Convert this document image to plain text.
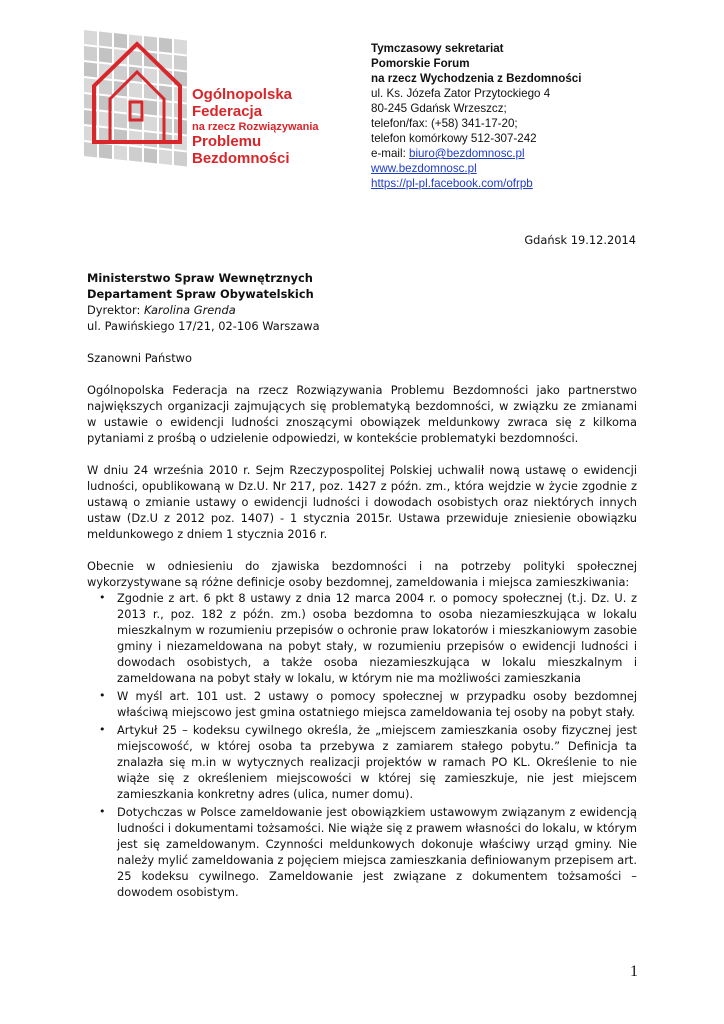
Ogólnopolska Federacja
na rzecz Rozwiązywania
Problemu Bezdomności
Tymczasowy sekretariat
Pomorskie Forum
na rzecz Wychodzenia z Bezdomności
ul. Ks. Józefa Zator Przytockiego 4
80-245 Gdańsk Wrzeszcz;
telefon/fax: (+58) 341-17-20;
telefon komórkowy 512-307-242
e-mail: biuro@bezdomnosc.pl
www.bezdomnosc.pl
https://pl-pl.facebook.com/ofrpb
Gdańsk 19.12.2014
Ministerstwo Spraw Wewnętrznych
Departament Spraw Obywatelskich
Dyrektor: Karolina Grenda
ul. Pawińskiego 17/21, 02-106 Warszawa
Szanowni Państwo
Ogólnopolska Federacja na rzecz Rozwiązywania Problemu Bezdomności jako partnerstwo największych organizacji zajmujących się problematyką bezdomności, w związku ze zmianami w ustawie o ewidencji ludności znoszącymi obowiązek meldunkowy zwraca się z kilkoma pytaniami z prośbą o udzielenie odpowiedzi, w kontekście problematyki bezdomności.
W dniu 24 września 2010 r. Sejm Rzeczypospolitej Polskiej uchwalił nową ustawę o ewidencji ludności, opublikowaną w Dz.U. Nr 217, poz. 1427 z późn. zm., która wejdzie w życie zgodnie z ustawą o zmianie ustawy o ewidencji ludności i dowodach osobistych oraz niektórych innych ustaw (Dz.U z 2012 poz. 1407) - 1 stycznia 2015r. Ustawa przewiduje zniesienie obowiązku meldunkowego z dniem 1 stycznia 2016 r.
Obecnie w odniesieniu do zjawiska bezdomności i na potrzeby polityki społecznej wykorzystywane są różne definicje osoby bezdomnej, zameldowania i miejsca zamieszkiwania:
• Zgodnie z art. 6 pkt 8 ustawy z dnia 12 marca 2004 r. o pomocy społecznej (t.j. Dz. U. z 2013 r., poz. 182 z późn. zm.) osoba bezdomna to osoba niezamieszkująca w lokalu mieszkalnym w rozumieniu przepisów o ochronie praw lokatorów i mieszkaniowym zasobie gminy i niezameldowana na pobyt stały, w rozumieniu przepisów o ewidencji ludności i dowodach osobistych, a także osoba niezamieszkująca w lokalu mieszkalnym i zameldowana na pobyt stały w lokalu, w którym nie ma możliwości zamieszkania
• W myśl art. 101 ust. 2 ustawy o pomocy społecznej w przypadku osoby bezdomnej właściwą miejscowo jest gmina ostatniego miejsca zameldowania tej osoby na pobyt stały.
• Artykuł 25 – kodeksu cywilnego określa, że „miejscem zamieszkania osoby fizycznej jest miejscowość, w której osoba ta przebywa z zamiarem stałego pobytu.” Definicja ta znalazła się m.in w wytycznych realizacji projektów w ramach PO KL. Określenie to nie wiąże się z określeniem miejscowości w której się zamieszkuje, nie jest miejscem zamieszkania konkretny adres (ulica, numer domu).
• Dotychczas w Polsce zameldowanie jest obowiązkiem ustawowym związanym z ewidencją ludności i dokumentami tożsamości. Nie wiąże się z prawem własności do lokalu, w którym jest się zameldowanym. Czynności meldunkowych dokonuje właściwy urząd gminy. Nie należy mylić zameldowania z pojęciem miejsca zamieszkania definiowanym przepisem art. 25 kodeksu cywilnego. Zameldowanie jest związane z dokumentem tożsamości – dowodem osobistym.
1
